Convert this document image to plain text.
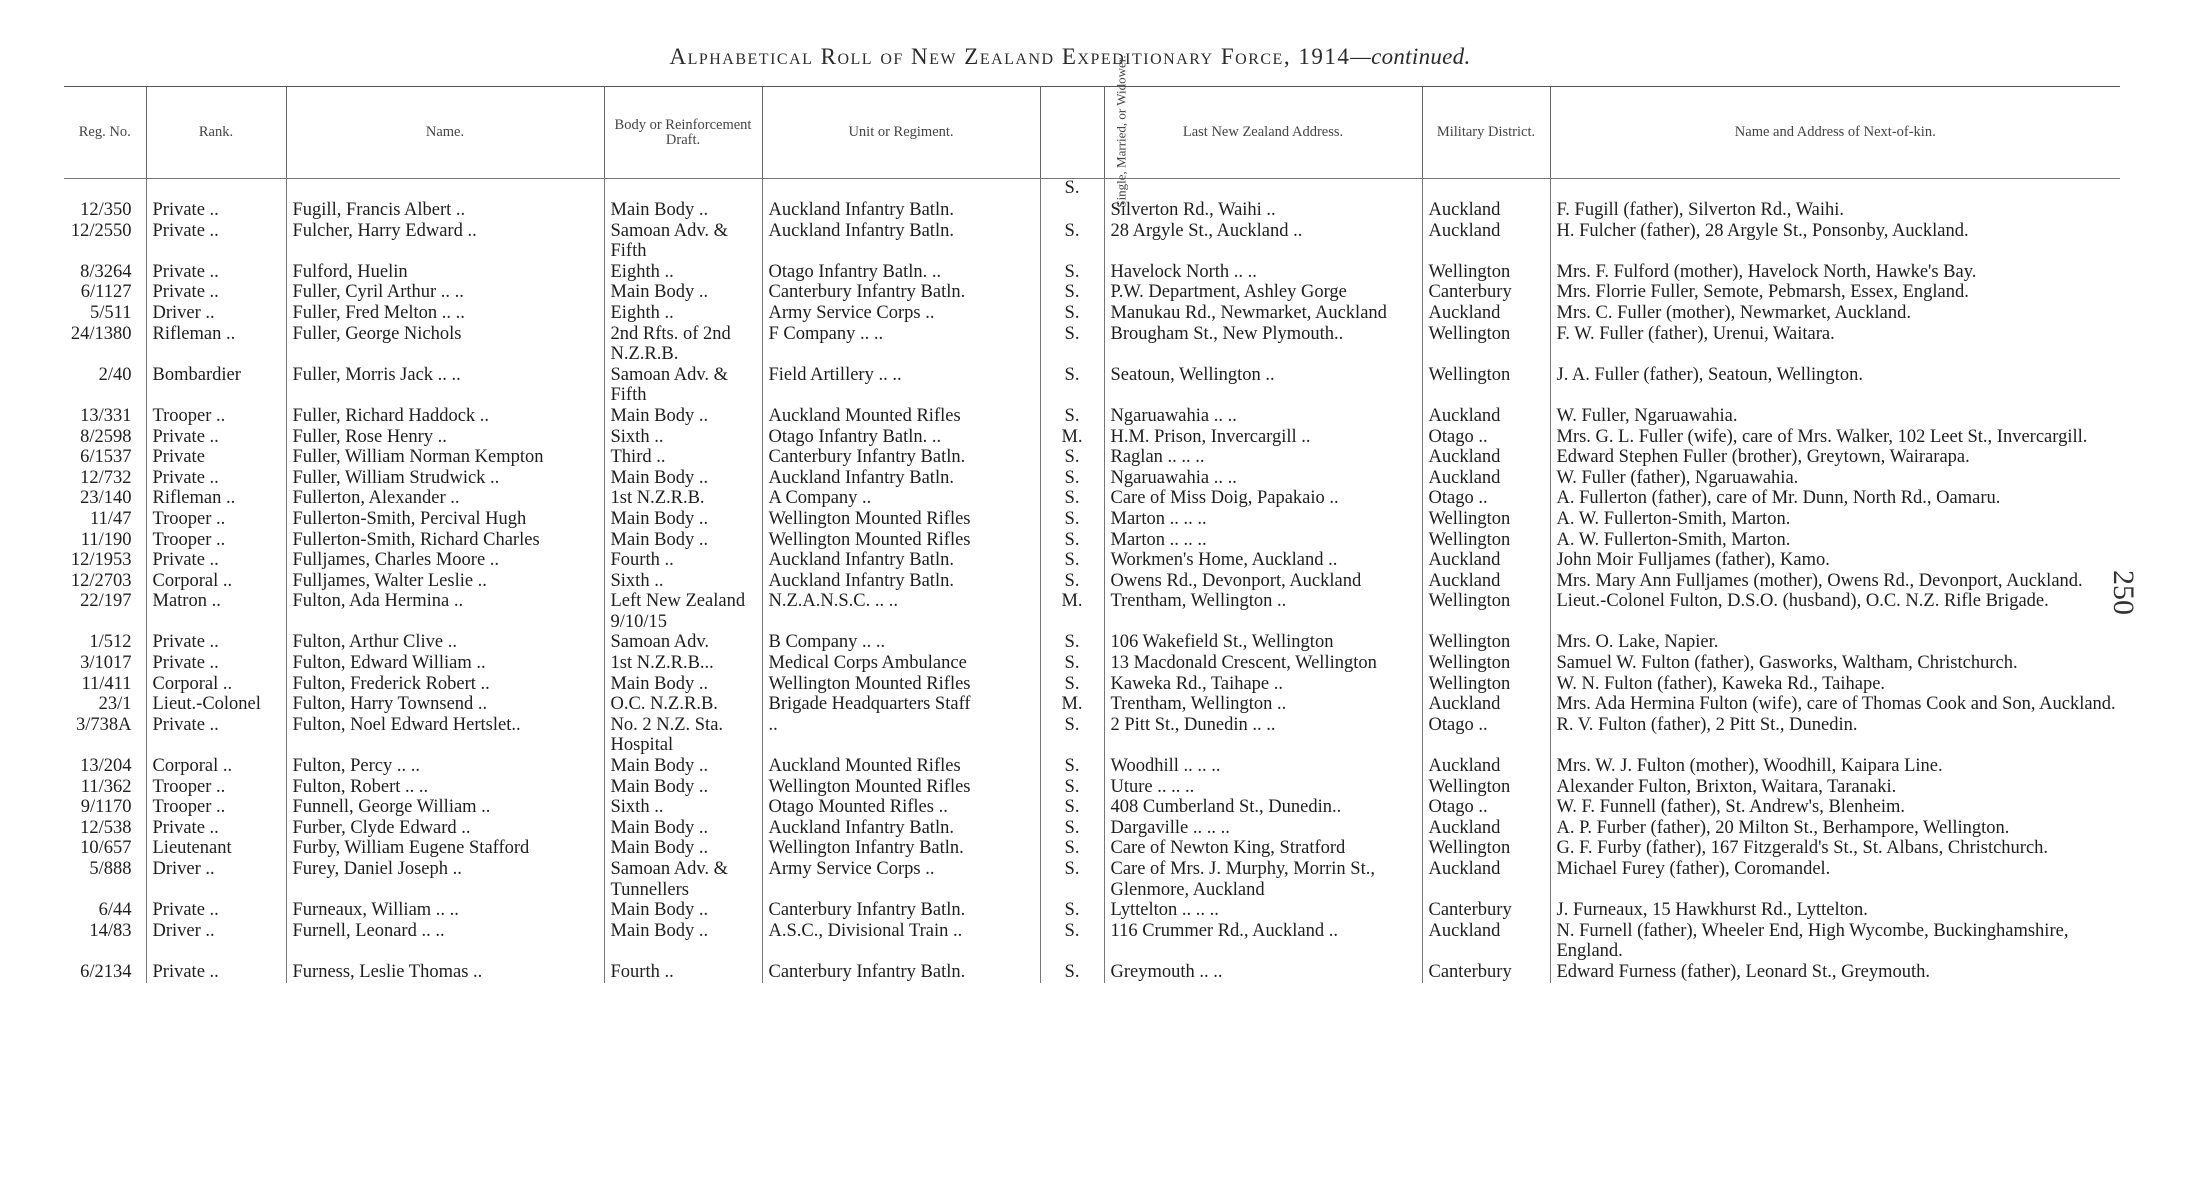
Alphabetical Roll of New Zealand Expeditionary Force, 1914—continued.
250
Reg. No.	Rank.	Name.	Body or Reinforcement Draft.	Unit or Regiment.	Single, Married, or Widower.	Last New Zealand Address.	Military District.	Name and Address of Next-of-kin.
12/350	Private ..	Fugill, Francis Albert ..	Main Body ..	Auckland Infantry Batln.	S.	Silverton Rd., Waihi ..	Auckland	F. Fugill (father), Silverton Rd., Waihi.
12/2550	Private ..	Fulcher, Harry Edward ..	Samoan Adv. & Fifth	Auckland Infantry Batln.	S.	28 Argyle St., Auckland ..	Auckland	H. Fulcher (father), 28 Argyle St., Ponsonby, Auckland.
8/3264	Private ..	Fulford, Huelin	Eighth ..	Otago Infantry Batln. ..	S.	Havelock North .. ..	Wellington	Mrs. F. Fulford (mother), Havelock North, Hawke's Bay.
6/1127	Private ..	Fuller, Cyril Arthur .. ..	Main Body ..	Canterbury Infantry Batln.	S.	P.W. Department, Ashley Gorge	Canterbury	Mrs. Florrie Fuller, Semote, Pebmarsh, Essex, England.
5/511	Driver ..	Fuller, Fred Melton .. ..	Eighth ..	Army Service Corps ..	S.	Manukau Rd., Newmarket, Auckland	Auckland	Mrs. C. Fuller (mother), Newmarket, Auckland.
24/1380	Rifleman ..	Fuller, George Nichols	2nd Rfts. of 2nd N.Z.R.B.	F Company .. ..	S.	Brougham St., New Plymouth..	Wellington	F. W. Fuller (father), Urenui, Waitara.
2/40	Bombardier	Fuller, Morris Jack .. ..	Samoan Adv. & Fifth	Field Artillery .. ..	S.	Seatoun, Wellington ..	Wellington	J. A. Fuller (father), Seatoun, Wellington.
13/331	Trooper ..	Fuller, Richard Haddock ..	Main Body ..	Auckland Mounted Rifles	S.	Ngaruawahia .. ..	Auckland	W. Fuller, Ngaruawahia.
8/2598	Private ..	Fuller, Rose Henry ..	Sixth ..	Otago Infantry Batln. ..	M.	H.M. Prison, Invercargill ..	Otago ..	Mrs. G. L. Fuller (wife), care of Mrs. Walker, 102 Leet St., Invercargill.
6/1537	Private	Fuller, William Norman Kempton	Third ..	Canterbury Infantry Batln.	S.	Raglan .. .. ..	Auckland	Edward Stephen Fuller (brother), Greytown, Wairarapa.
12/732	Private ..	Fuller, William Strudwick ..	Main Body ..	Auckland Infantry Batln.	S.	Ngaruawahia .. ..	Auckland	W. Fuller (father), Ngaruawahia.
23/140	Rifleman ..	Fullerton, Alexander ..	1st N.Z.R.B.	A Company ..	S.	Care of Miss Doig, Papakaio ..	Otago ..	A. Fullerton (father), care of Mr. Dunn, North Rd., Oamaru.
11/47	Trooper ..	Fullerton-Smith, Percival Hugh	Main Body ..	Wellington Mounted Rifles	S.	Marton .. .. ..	Wellington	A. W. Fullerton-Smith, Marton.
11/190	Trooper ..	Fullerton-Smith, Richard Charles	Main Body ..	Wellington Mounted Rifles	S.	Marton .. .. ..	Wellington	A. W. Fullerton-Smith, Marton.
12/1953	Private ..	Fulljames, Charles Moore ..	Fourth ..	Auckland Infantry Batln.	S.	Workmen's Home, Auckland ..	Auckland	John Moir Fulljames (father), Kamo.
12/2703	Corporal ..	Fulljames, Walter Leslie ..	Sixth ..	Auckland Infantry Batln.	S.	Owens Rd., Devonport, Auckland	Auckland	Mrs. Mary Ann Fulljames (mother), Owens Rd., Devonport, Auckland.
22/197	Matron ..	Fulton, Ada Hermina ..	Left New Zealand 9/10/15	N.Z.A.N.S.C. .. ..	M.	Trentham, Wellington ..	Wellington	Lieut.-Colonel Fulton, D.S.O. (husband), O.C. N.Z. Rifle Brigade.
1/512	Private ..	Fulton, Arthur Clive ..	Samoan Adv.	B Company .. ..	S.	106 Wakefield St., Wellington	Wellington	Mrs. O. Lake, Napier.
3/1017	Private ..	Fulton, Edward William ..	1st N.Z.R.B...	Medical Corps Ambulance	S.	13 Macdonald Crescent, Wellington	Wellington	Samuel W. Fulton (father), Gasworks, Waltham, Christchurch.
11/411	Corporal ..	Fulton, Frederick Robert ..	Main Body ..	Wellington Mounted Rifles	S.	Kaweka Rd., Taihape ..	Wellington	W. N. Fulton (father), Kaweka Rd., Taihape.
23/1	Lieut.-Colonel	Fulton, Harry Townsend ..	O.C. N.Z.R.B.	Brigade Headquarters Staff	M.	Trentham, Wellington ..	Auckland	Mrs. Ada Hermina Fulton (wife), care of Thomas Cook and Son, Auckland.
3/738A	Private ..	Fulton, Noel Edward Hertslet..	No. 2 N.Z. Sta. Hospital	..	S.	2 Pitt St., Dunedin .. ..	Otago ..	R. V. Fulton (father), 2 Pitt St., Dunedin.
13/204	Corporal ..	Fulton, Percy .. ..	Main Body ..	Auckland Mounted Rifles	S.	Woodhill .. .. ..	Auckland	Mrs. W. J. Fulton (mother), Woodhill, Kaipara Line.
11/362	Trooper ..	Fulton, Robert .. ..	Main Body ..	Wellington Mounted Rifles	S.	Uture .. .. ..	Wellington	Alexander Fulton, Brixton, Waitara, Taranaki.
9/1170	Trooper ..	Funnell, George William ..	Sixth ..	Otago Mounted Rifles ..	S.	408 Cumberland St., Dunedin..	Otago ..	W. F. Funnell (father), St. Andrew's, Blenheim.
12/538	Private ..	Furber, Clyde Edward ..	Main Body ..	Auckland Infantry Batln.	S.	Dargaville .. .. ..	Auckland	A. P. Furber (father), 20 Milton St., Berhampore, Wellington.
10/657	Lieutenant	Furby, William Eugene Stafford	Main Body ..	Wellington Infantry Batln.	S.	Care of Newton King, Stratford	Wellington	G. F. Furby (father), 167 Fitzgerald's St., St. Albans, Christchurch.
5/888	Driver ..	Furey, Daniel Joseph ..	Samoan Adv. & Tunnellers	Army Service Corps ..	S.	Care of Mrs. J. Murphy, Morrin St., Glenmore, Auckland	Auckland	Michael Furey (father), Coromandel.
6/44	Private ..	Furneaux, William .. ..	Main Body ..	Canterbury Infantry Batln.	S.	Lyttelton .. .. ..	Canterbury	J. Furneaux, 15 Hawkhurst Rd., Lyttelton.
14/83	Driver ..	Furnell, Leonard .. ..	Main Body ..	A.S.C., Divisional Train ..	S.	116 Crummer Rd., Auckland ..	Auckland	N. Furnell (father), Wheeler End, High Wycombe, Buckinghamshire, England.
6/2134	Private ..	Furness, Leslie Thomas ..	Fourth ..	Canterbury Infantry Batln.	S.	Greymouth .. ..	Canterbury	Edward Furness (father), Leonard St., Greymouth.
